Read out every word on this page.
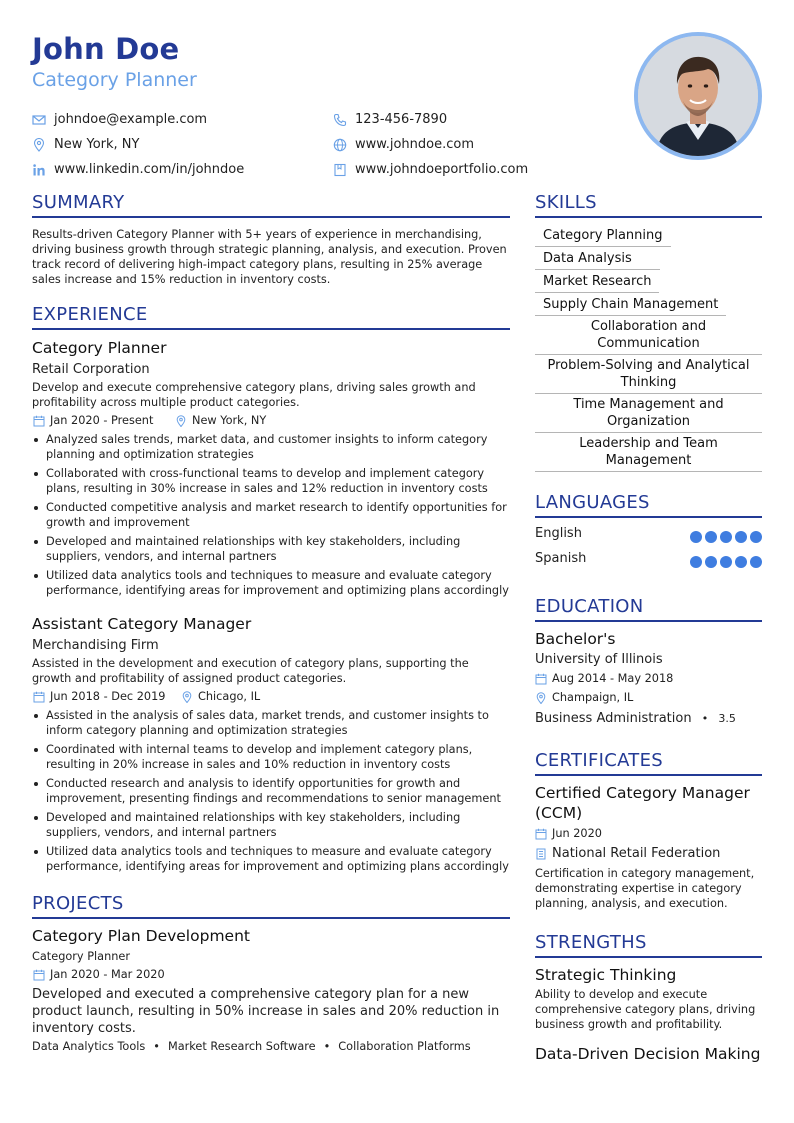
John Doe
Category Planner
johndoe@example.com	123-456-7890
New York, NY	www.johndoe.com
www.linkedin.com/in/johndoe	www.johndoeportfolio.com
SUMMARY
Results-driven Category Planner with 5+ years of experience in merchandising, driving business growth through strategic planning, analysis, and execution. Proven track record of delivering high-impact category plans, resulting in 25% average sales increase and 15% reduction in inventory costs.
EXPERIENCE
Category Planner
Retail Corporation
Develop and execute comprehensive category plans, driving sales growth and profitability across multiple product categories.
Jan 2020 - Present	New York, NY
Analyzed sales trends, market data, and customer insights to inform category planning and optimization strategies
Collaborated with cross-functional teams to develop and implement category plans, resulting in 30% increase in sales and 12% reduction in inventory costs
Conducted competitive analysis and market research to identify opportunities for growth and improvement
Developed and maintained relationships with key stakeholders, including suppliers, vendors, and internal partners
Utilized data analytics tools and techniques to measure and evaluate category performance, identifying areas for improvement and optimizing plans accordingly
Assistant Category Manager
Merchandising Firm
Assisted in the development and execution of category plans, supporting the growth and profitability of assigned product categories.
Jun 2018 - Dec 2019	Chicago, IL
Assisted in the analysis of sales data, market trends, and customer insights to inform category planning and optimization strategies
Coordinated with internal teams to develop and implement category plans, resulting in 20% increase in sales and 10% reduction in inventory costs
Conducted research and analysis to identify opportunities for growth and improvement, presenting findings and recommendations to senior management
Developed and maintained relationships with key stakeholders, including suppliers, vendors, and internal partners
Utilized data analytics tools and techniques to measure and evaluate category performance, identifying areas for improvement and optimizing plans accordingly
PROJECTS
Category Plan Development
Category Planner
Jan 2020 - Mar 2020
Developed and executed a comprehensive category plan for a new product launch, resulting in 50% increase in sales and 20% reduction in inventory costs.
Data Analytics Tools • Market Research Software • Collaboration Platforms
SKILLS
Category Planning
Data Analysis
Market Research
Supply Chain Management
Collaboration and Communication
Problem-Solving and Analytical Thinking
Time Management and Organization
Leadership and Team Management
LANGUAGES
English
Spanish
EDUCATION
Bachelor's
University of Illinois
Aug 2014 - May 2018
Champaign, IL
Business Administration • 3.5
CERTIFICATES
Certified Category Manager (CCM)
Jun 2020
National Retail Federation
Certification in category management, demonstrating expertise in category planning, analysis, and execution.
STRENGTHS
Strategic Thinking
Ability to develop and execute comprehensive category plans, driving business growth and profitability.
Data-Driven Decision Making
